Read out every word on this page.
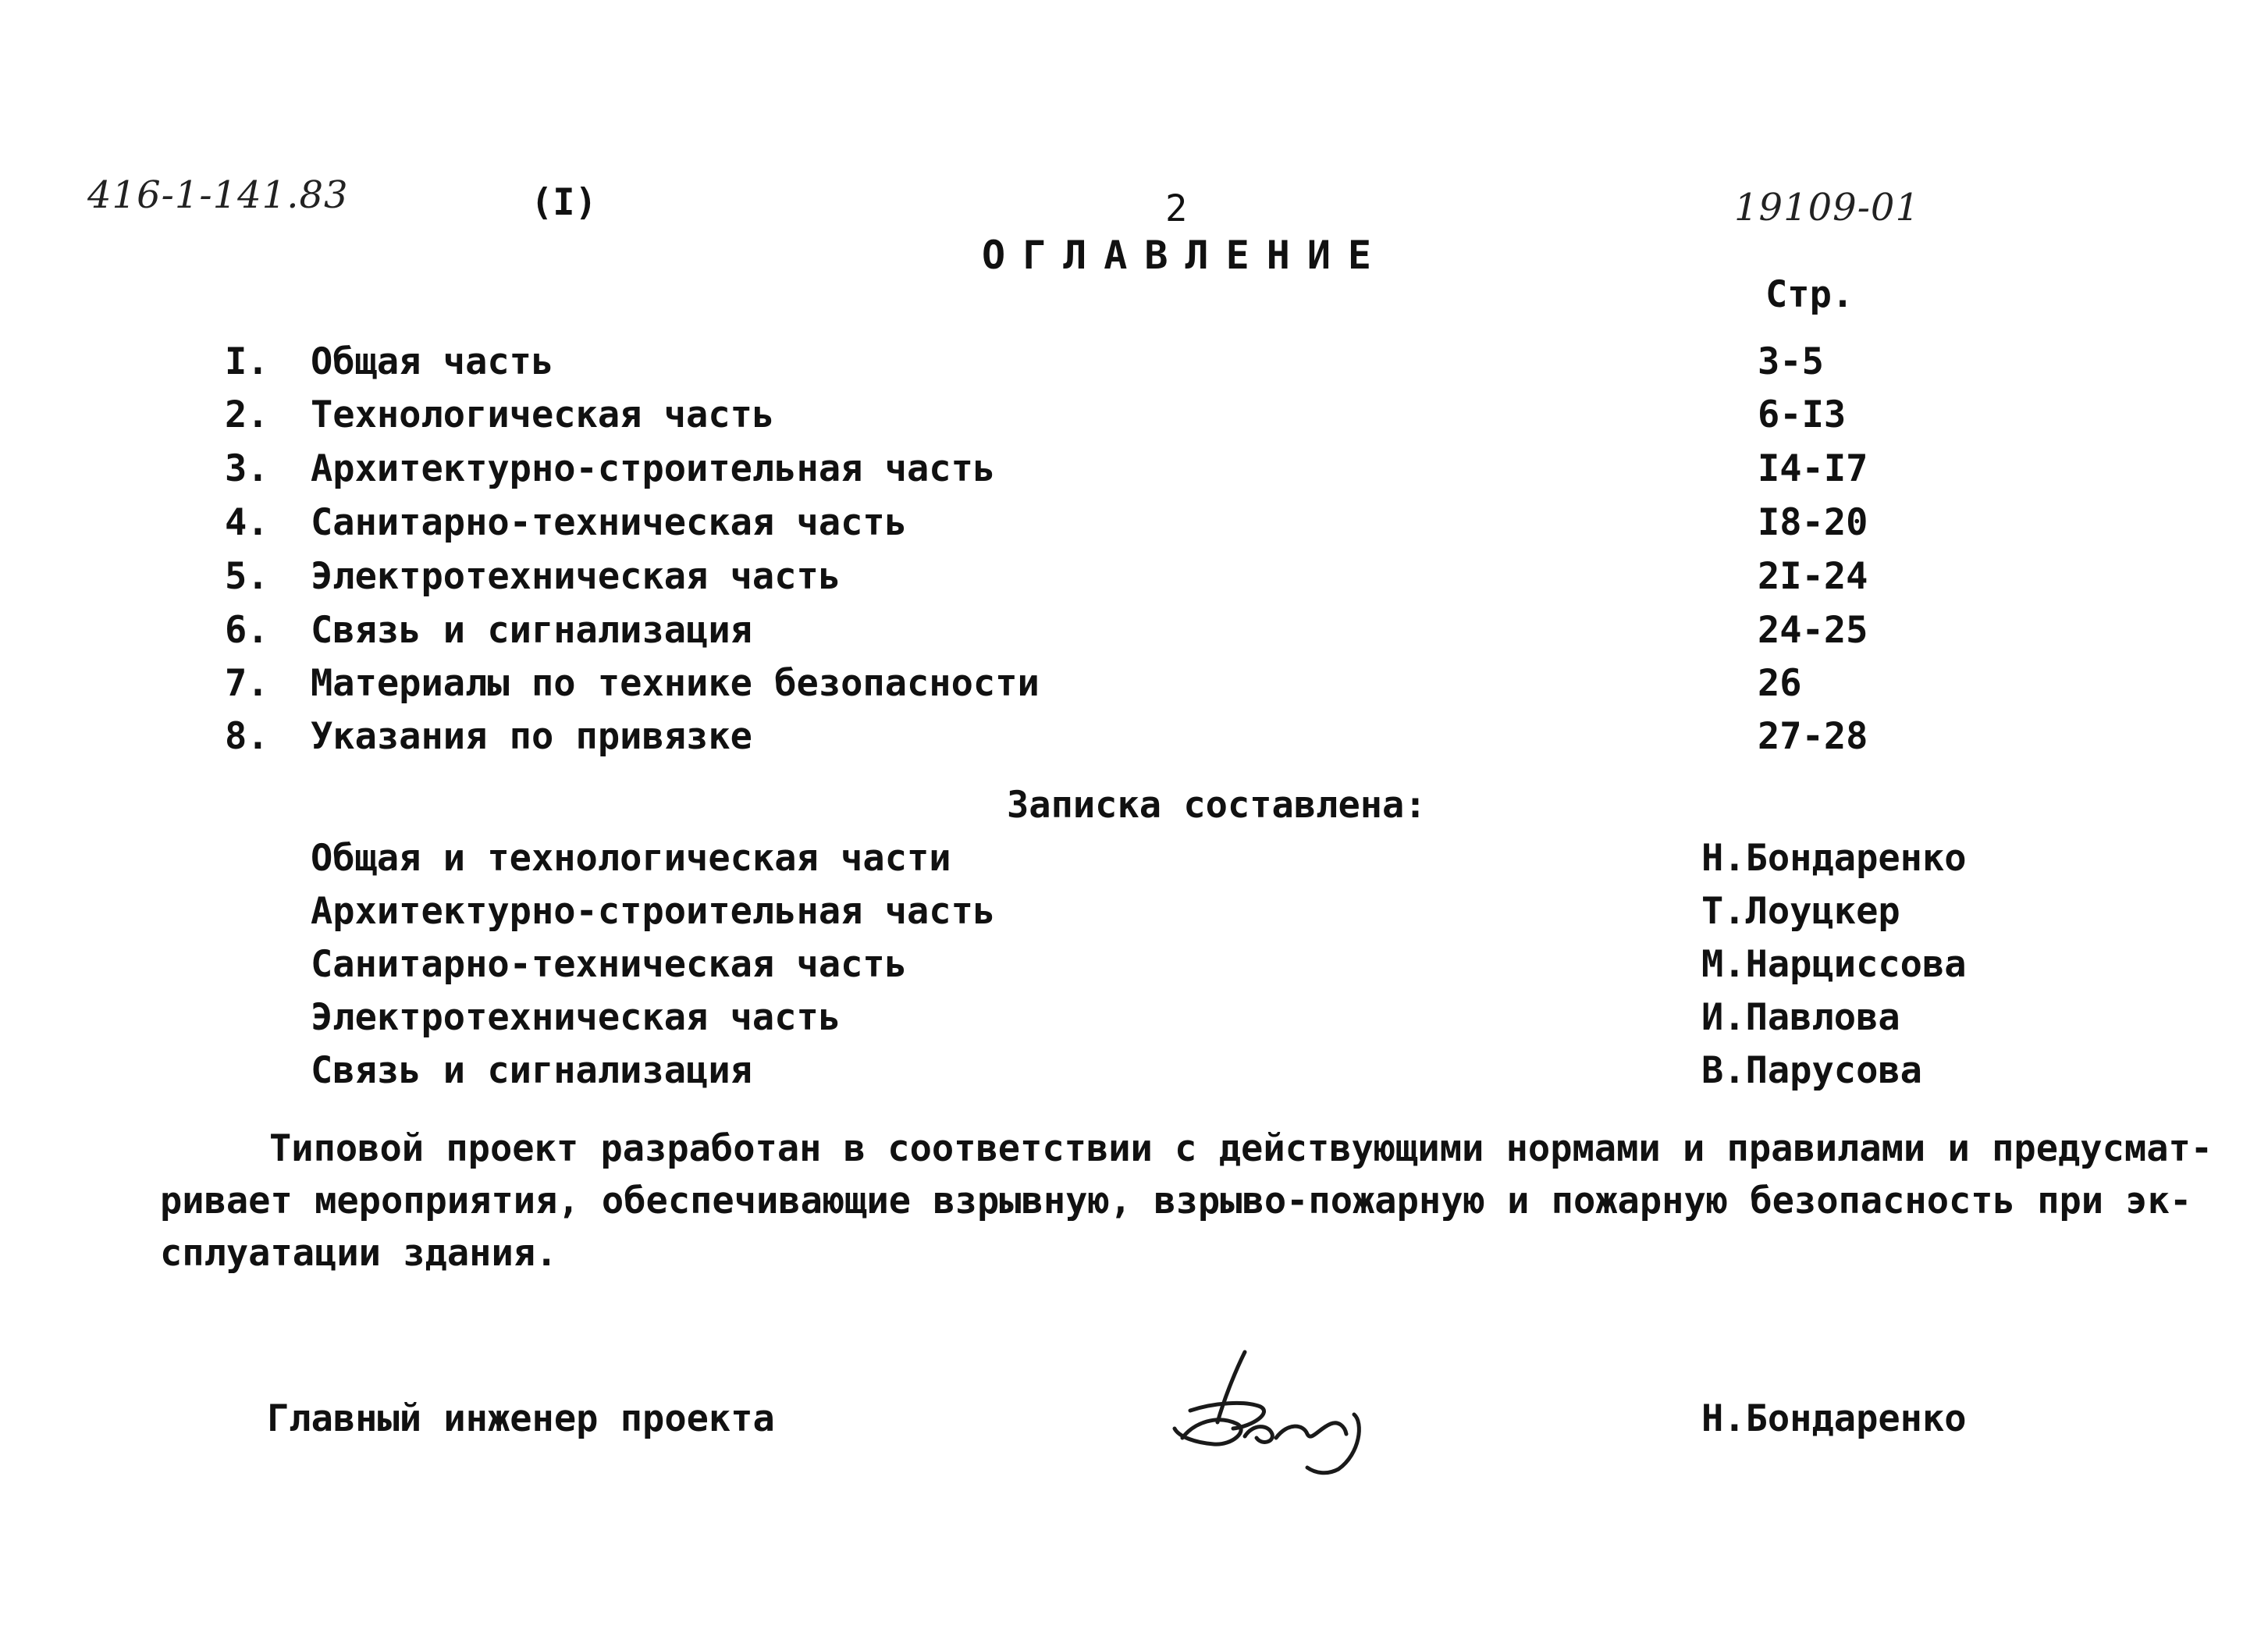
416-1-141.83	(I)	2	19109-01
ОГЛАВЛЕНИЕ
Стр.
I. Общая часть	3-5
2. Технологическая часть	6-I3
3. Архитектурно-строительная часть	I4-I7
4. Санитарно-техническая часть	I8-20
5. Электротехническая часть	2I-24
6. Связь и сигнализация	24-25
7. Материалы по технике безопасности	26
8. Указания по привязке	27-28
Записка составлена:
Общая и технологическая части	Н.Бондаренко
Архитектурно-строительная часть	Т.Лоуцкер
Санитарно-техническая часть	М.Нарциссова
Электротехническая часть	И.Павлова
Связь и сигнализация	В.Парусова
Типовой проект разработан в соответствии с действующими нормами и правилами и предусмат-
ривает мероприятия, обеспечивающие взрывную, взрыво-пожарную и пожарную безопасность при эк-
сплуатации здания.
Главный инженер проекта	Н.Бондаренко
